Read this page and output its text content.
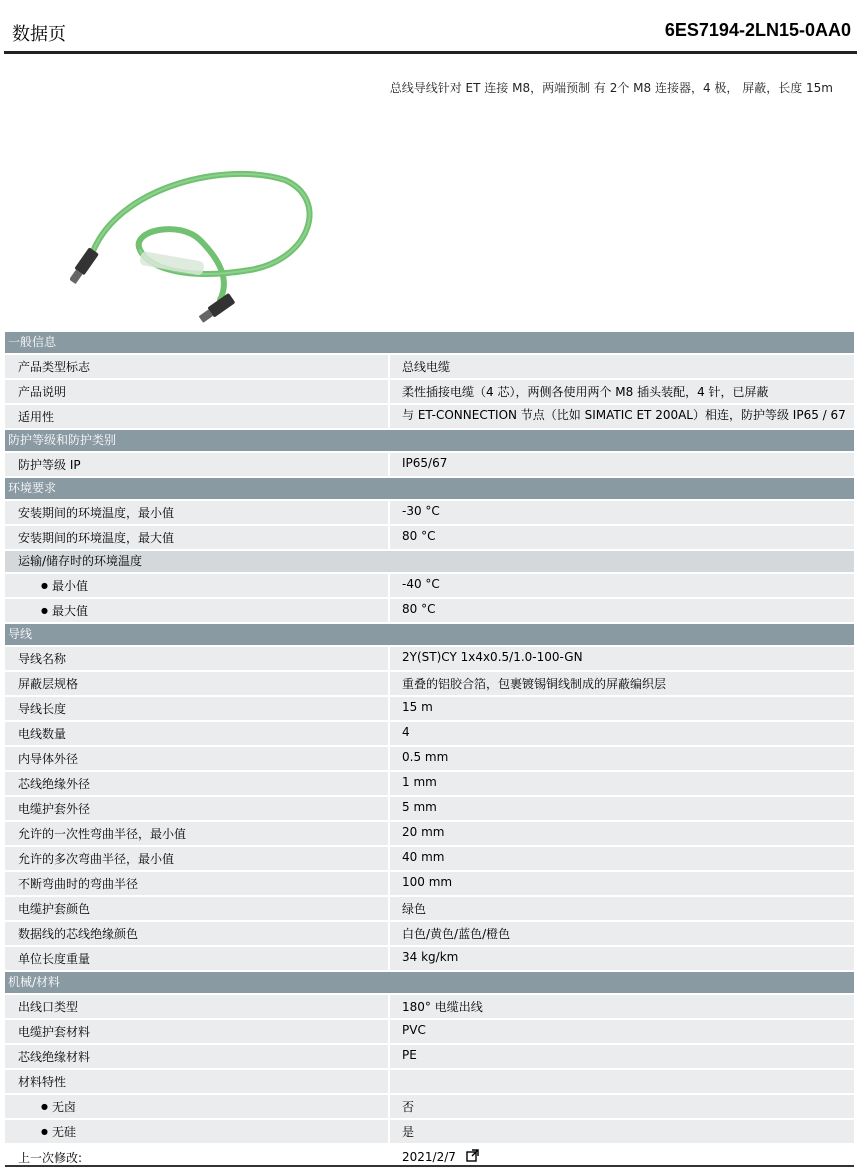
数据页	6ES7194-2LN15-0AA0
总线导线针对 ET 连接 M8，两端预制 有 2个 M8 连接器，4 极， 屏蔽，长度 15m
一般信息
产品类型标志	总线电缆
产品说明	柔性插接电缆（4 芯），两侧各使用两个 M8 插头装配，4 针，已屏蔽
适用性	与 ET-CONNECTION 节点（比如 SIMATIC ET 200AL）相连，防护等级 IP65 / 67
防护等级和防护类别
防护等级 IP	IP65/67
环境要求
安装期间的环境温度，最小值	-30 °C
安装期间的环境温度，最大值	80 °C
运输/储存时的环境温度
● 最小值	-40 °C
● 最大值	80 °C
导线
导线名称	2Y(ST)CY 1x4x0.5/1.0-100-GN
屏蔽层规格	重叠的铝胶合箔，包裹镀锡铜线制成的屏蔽编织层
导线长度	15 m
电线数量	4
内导体外径	0.5 mm
芯线绝缘外径	1 mm
电缆护套外径	5 mm
允许的一次性弯曲半径，最小值	20 mm
允许的多次弯曲半径，最小值	40 mm
不断弯曲时的弯曲半径	100 mm
电缆护套颜色	绿色
数据线的芯线绝缘颜色	白色/黄色/蓝色/橙色
单位长度重量	34 kg/km
机械/材料
出线口类型	180° 电缆出线
电缆护套材料	PVC
芯线绝缘材料	PE
材料特性
● 无卤	否
● 无硅	是
上一次修改:	2021/2/7
